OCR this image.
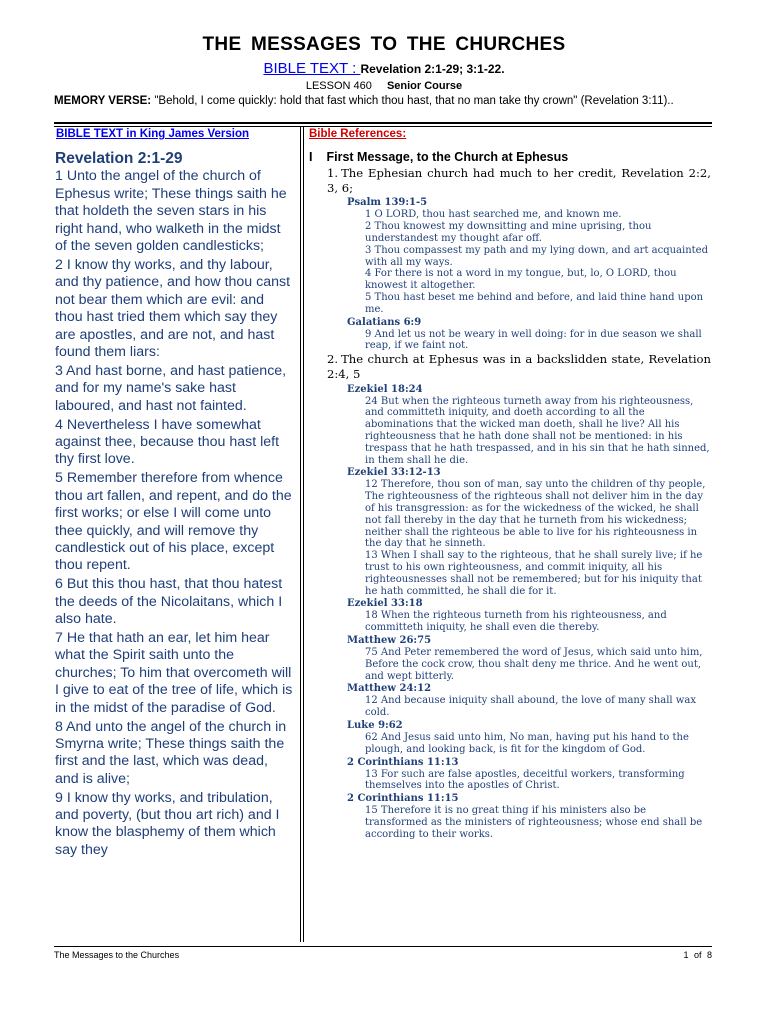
THE MESSAGES TO THE CHURCHES
BIBLE TEXT : Revelation 2:1-29; 3:1-22.
LESSON 460 Senior Course
MEMORY VERSE: "Behold, I come quickly: hold that fast which thou hast, that no man take thy crown" (Revelation 3:11)..
BIBLE TEXT in King James Version	Bible References:
Revelation 2:1-29

1 Unto the angel of the church of Ephesus write; These things saith he that holdeth the seven stars in his right hand, who walketh in the midst of the seven golden candlesticks;

2 I know thy works, and thy labour, and thy patience, and how thou canst not bear them which are evil: and thou hast tried them which say they are apostles, and are not, and hast found them liars:

3 And hast borne, and hast patience, and for my name's sake hast laboured, and hast not fainted.

4 Nevertheless I have somewhat against thee, because thou hast left thy first love.

5 Remember therefore from whence thou art fallen, and repent, and do the first works; or else I will come unto thee quickly, and will remove thy candlestick out of his place, except thou repent.

6 But this thou hast, that thou hatest the deeds of the Nicolaitans, which I also hate.

7 He that hath an ear, let him hear what the Spirit saith unto the churches; To him that overcometh will I give to eat of the tree of life, which is in the midst of the paradise of God.

8 And unto the angel of the church in Smyrna write; These things saith the first and the last, which was dead, and is alive;

9 I know thy works, and tribulation, and poverty, (but thou art rich) and I know the blasphemy of them which say they

I First Message, to the Church at Ephesus

1. The Ephesian church had much to her credit, Revelation 2:2, 3, 6;

Psalm 139:1-5

1 O LORD, thou hast searched me, and known me.

2 Thou knowest my downsitting and mine uprising, thou understandest my thought afar off.

3 Thou compassest my path and my lying down, and art acquainted with all my ways.

4 For there is not a word in my tongue, but, lo, O LORD, thou knowest it altogether.

5 Thou hast beset me behind and before, and laid thine hand upon me.

Galatians 6:9

9 And let us not be weary in well doing: for in due season we shall reap, if we faint not.

2. The church at Ephesus was in a backslidden state, Revelation 2:4, 5

Ezekiel 18:24

24 But when the righteous turneth away from his righteousness, and committeth iniquity, and doeth according to all the abominations that the wicked man doeth, shall he live? All his righteousness that he hath done shall not be mentioned: in his trespass that he hath trespassed, and in his sin that he hath sinned, in them shall he die.

Ezekiel 33:12-13

12 Therefore, thou son of man, say unto the children of thy people, The righteousness of the righteous shall not deliver him in the day of his transgression: as for the wickedness of the wicked, he shall not fall thereby in the day that he turneth from his wickedness; neither shall the righteous be able to live for his righteousness in the day that he sinneth.

13 When I shall say to the righteous, that he shall surely live; if he trust to his own righteousness, and commit iniquity, all his righteousnesses shall not be remembered; but for his iniquity that he hath committed, he shall die for it.

Ezekiel 33:18

18 When the righteous turneth from his righteousness, and committeth iniquity, he shall even die thereby.

Matthew 26:75

75 And Peter remembered the word of Jesus, which said unto him, Before the cock crow, thou shalt deny me thrice. And he went out, and wept bitterly.

Matthew 24:12

12 And because iniquity shall abound, the love of many shall wax cold.

Luke 9:62

62 And Jesus said unto him, No man, having put his hand to the plough, and looking back, is fit for the kingdom of God.

2 Corinthians 11:13

13 For such are false apostles, deceitful workers, transforming themselves into the apostles of Christ.

2 Corinthians 11:15

15 Therefore it is no great thing if his ministers also be transformed as the ministers of righteousness; whose end shall be according to their works.

The Messages to the Churches	1 of 8
